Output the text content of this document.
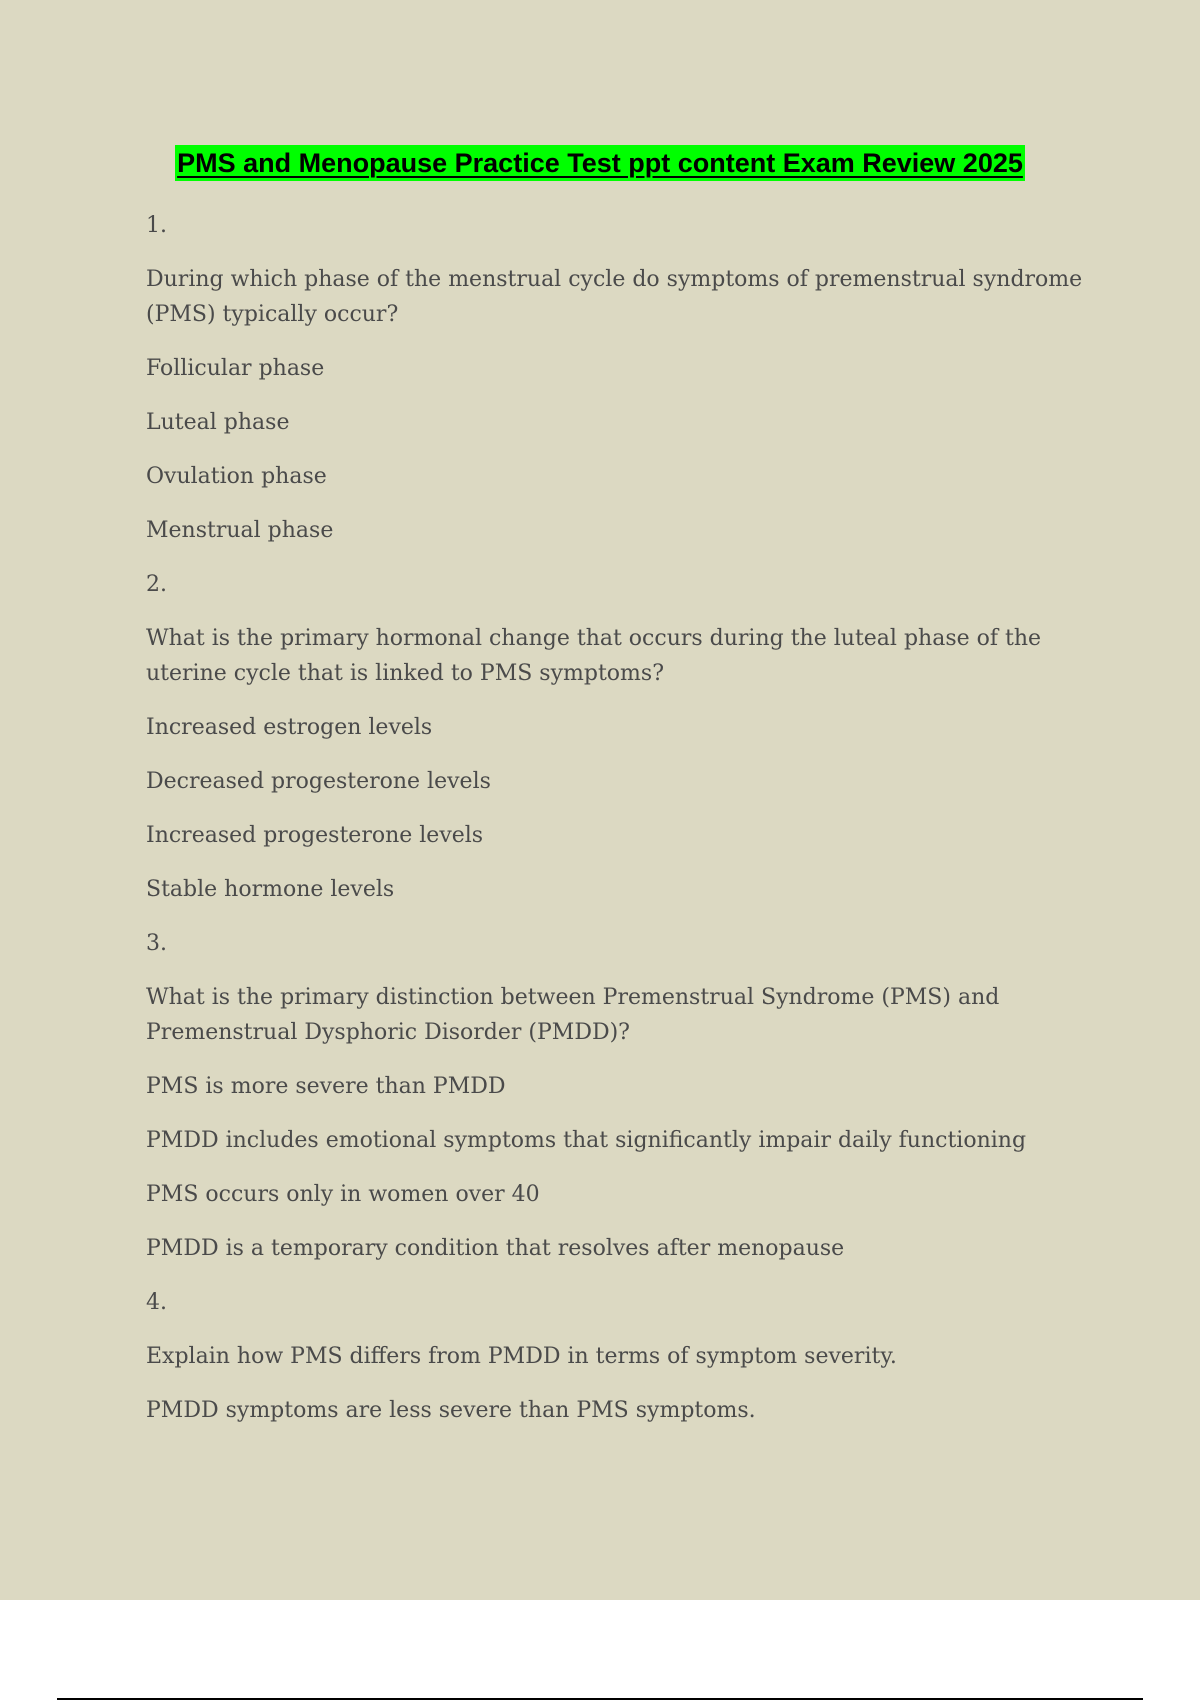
PMS and Menopause Practice Test ppt content Exam Review 2025

1.

During which phase of the menstrual cycle do symptoms of premenstrual syndrome (PMS) typically occur?

Follicular phase

Luteal phase

Ovulation phase

Menstrual phase

2.

What is the primary hormonal change that occurs during the luteal phase of the uterine cycle that is linked to PMS symptoms?

Increased estrogen levels

Decreased progesterone levels

Increased progesterone levels

Stable hormone levels

3.

What is the primary distinction between Premenstrual Syndrome (PMS) and Premenstrual Dysphoric Disorder (PMDD)?

PMS is more severe than PMDD

PMDD includes emotional symptoms that significantly impair daily functioning

PMS occurs only in women over 40

PMDD is a temporary condition that resolves after menopause

4.

Explain how PMS differs from PMDD in terms of symptom severity.

PMDD symptoms are less severe than PMS symptoms.
